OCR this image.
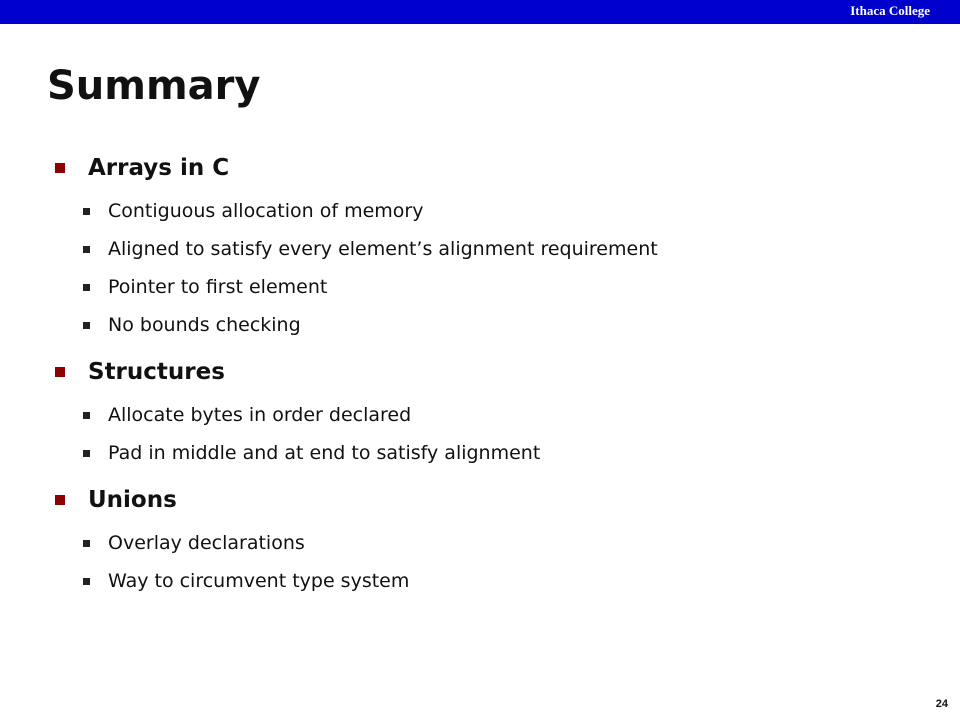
Ithaca College
Summary
Arrays in C
Contiguous allocation of memory
Aligned to satisfy every element’s alignment requirement
Pointer to first element
No bounds checking
Structures
Allocate bytes in order declared
Pad in middle and at end to satisfy alignment
Unions
Overlay declarations
Way to circumvent type system
24
